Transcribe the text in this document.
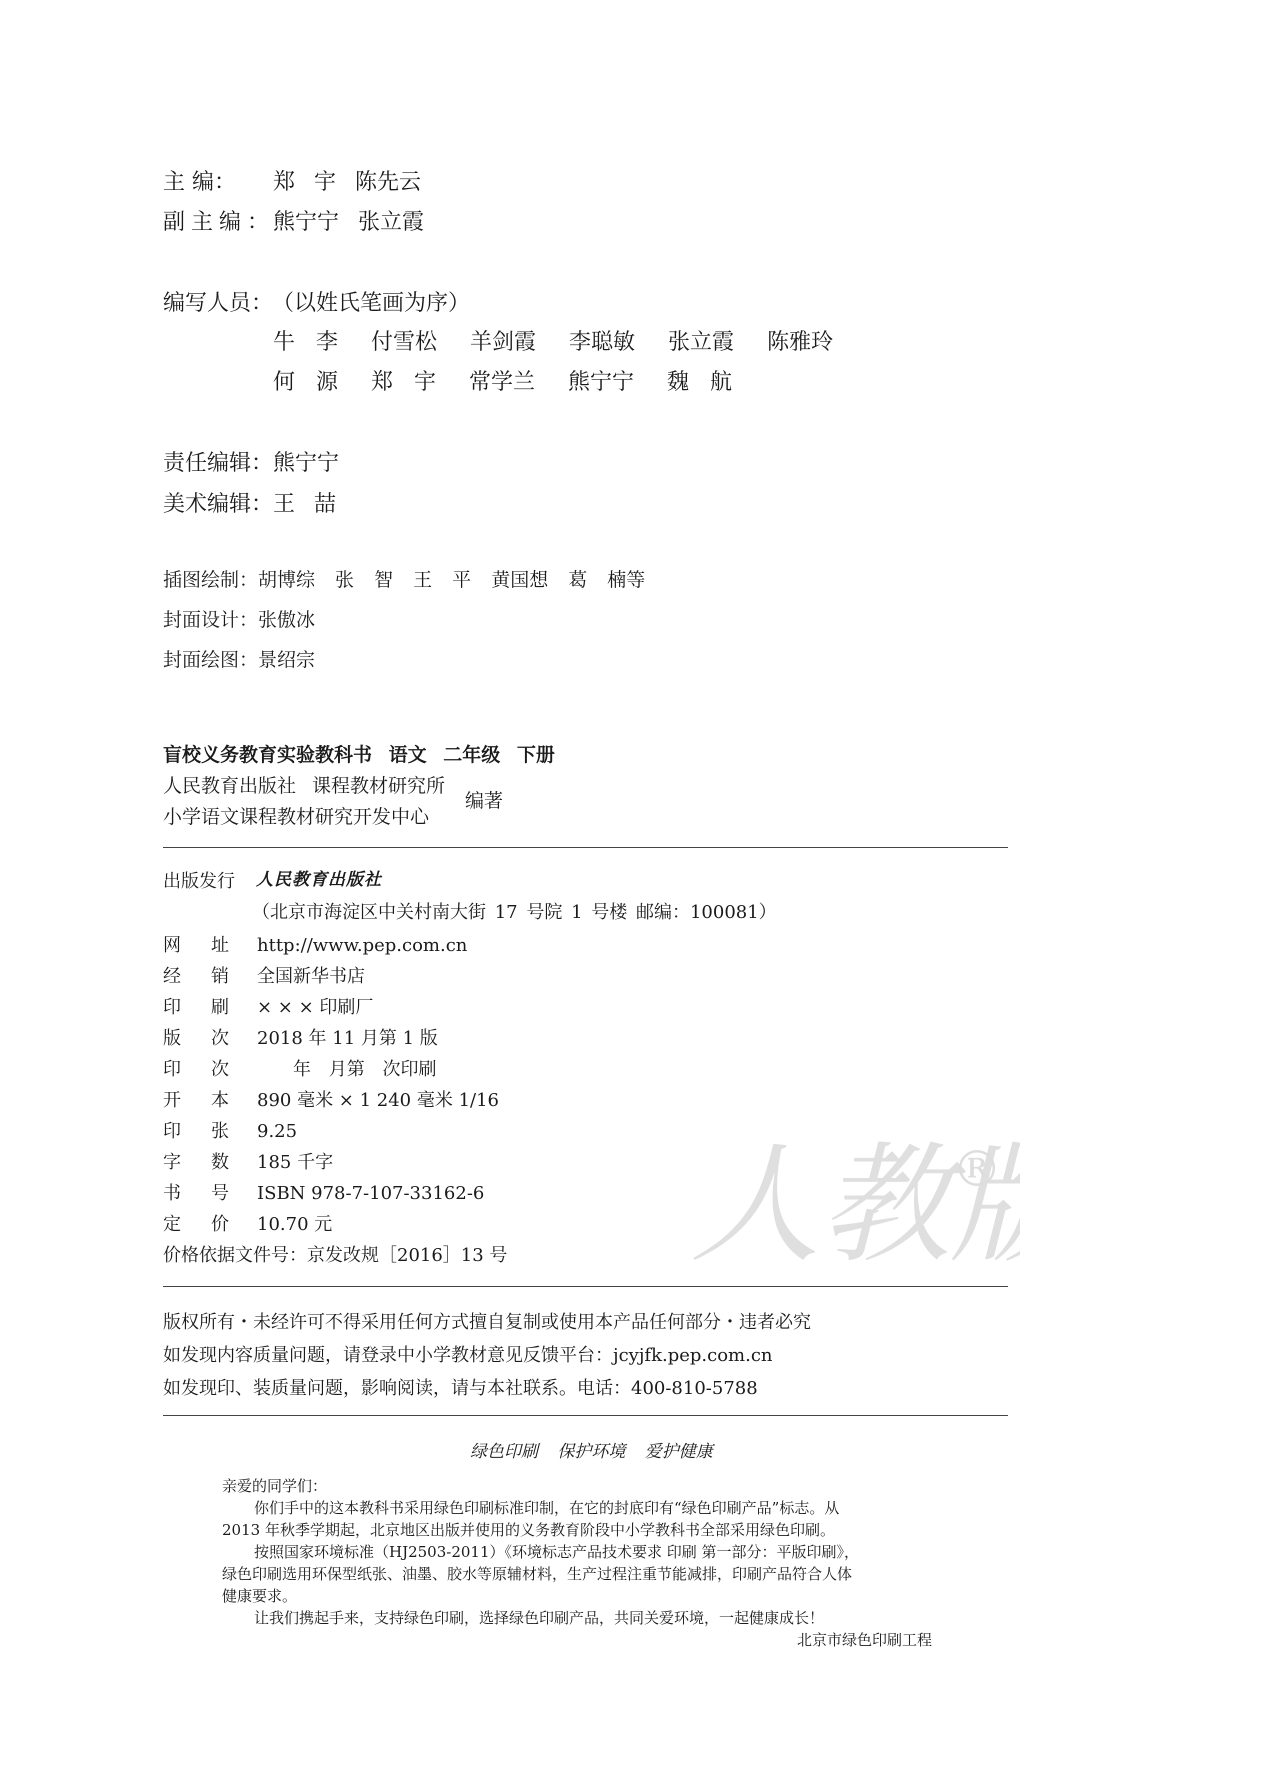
人教 ®
主 编： 郑 宇 陈先云
副主编：
熊宁宁 张立霞
编写人员：
（以姓氏笔画为序）
牛 李 付雪松 羊剑霞 李聪敏 张立霞 陈雅玲
何 源 郑 宇 常学兰 熊宁宁 魏 航
责任编辑： 熊宁宁
美术编辑： 王 喆
插图绘制： 胡博综 张 智 王 平 黄国想 葛 楠等
封面设计： 张傲冰
封面绘图： 景绍宗
盲校义务教育实验教科书 语文 二年级 下册
人民教育出版社 课程教材研究所
小学语文课程教材研究开发中心
编著
出版发行 人民教育出版社
（北京市海淀区中关村南大街 17 号院 1 号楼 邮编：100081）
网址http://www.pep.com.cn
经销全国新华书店
印刷× × × 印刷厂
版次2018 年 11 月第 1 版
印次 年 月第 次印刷
开本890 毫米 × 1 240 毫米 1/16
印张9.25
字数185 千字
书号ISBN 978-7-107-33162-6
定价10.70 元
价格依据文件号：京发改规［2016］13 号
版权所有・未经许可不得采用任何方式擅自复制或使用本产品任何部分・违者必究
如发现内容质量问题，请登录中小学教材意见反馈平台：jcyjfk.pep.com.cn
如发现印、装质量问题，影响阅读，请与本社联系。电话：400-810-5788
绿色印刷 保护环境 爱护健康
亲爱的同学们：
你们手中的这本教科书采用绿色印刷标准印制，在它的封底印有“绿色印刷产品”标志。从
2013 年秋季学期起，北京地区出版并使用的义务教育阶段中小学教科书全部采用绿色印刷。
按照国家环境标准（HJ2503-2011）《环境标志产品技术要求 印刷 第一部分：平版印刷》，
绿色印刷选用环保型纸张、油墨、胶水等原辅材料，生产过程注重节能减排，印刷产品符合人体
健康要求。
让我们携起手来，支持绿色印刷，选择绿色印刷产品，共同关爱环境，一起健康成长！
北京市绿色印刷工程
